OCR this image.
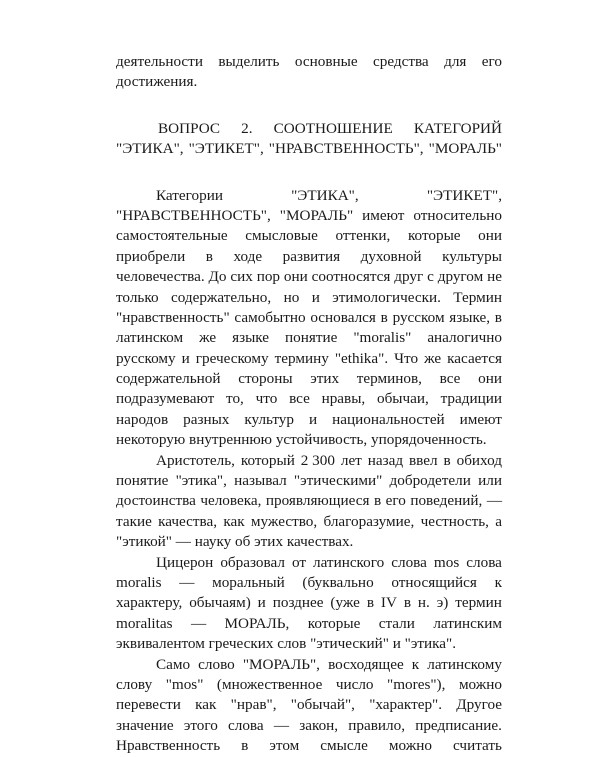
деятельности выделить основные средства для его
достижения.
ВОПРОС 2. СООТНОШЕНИЕ КАТЕГОРИЙ
"ЭТИКА", "ЭТИКЕТ", "НРАВСТВЕННОСТЬ", "МОРАЛЬ"
Категории	"ЭТИКА",	"ЭТИКЕТ",
"НРАВСТВЕННОСТЬ", "МОРАЛЬ" имеют относительно
самостоятельные смысловые оттенки, которые они
приобрели в ходе развития духовной культуры
человечества. До сих пор они соотносятся друг с другом не
только содержательно, но и этимологически. Термин
"нравственность" самобытно основался в русском языке, в
латинском же языке понятие "moralis" аналогично
русскому и греческому термину "ethika". Что же касается
содержательной стороны этих терминов, все они
подразумевают то, что все нравы, обычаи, традиции
народов разных культур и национальностей имеют
некоторую внутреннюю устойчивость, упорядоченность.
Аристотель, который 2 300 лет назад ввел в обиход
понятие "этика", называл "этическими" добродетели или
достоинства человека, проявляющиеся в его поведений, —
такие качества, как мужество, благоразумие, честность, а
"этикой" — науку об этих качествах.
Цицерон образовал от латинского слова mos слова
moralis — моральный (буквально относящийся к
характеру, обычаям) и позднее (уже в IV в н. э) термин
moralitas — МОРАЛЬ, которые стали латинским
эквивалентом греческих слов "этический" и "этика".
Само слово "МОРАЛЬ", восходящее к латинскому
слову "mos" (множественное число "mores"), можно
перевести как "нрав", "обычай", "характер". Другое
значение этого слова — закон, правило, предписание.
Нравственность в этом смысле можно считать
